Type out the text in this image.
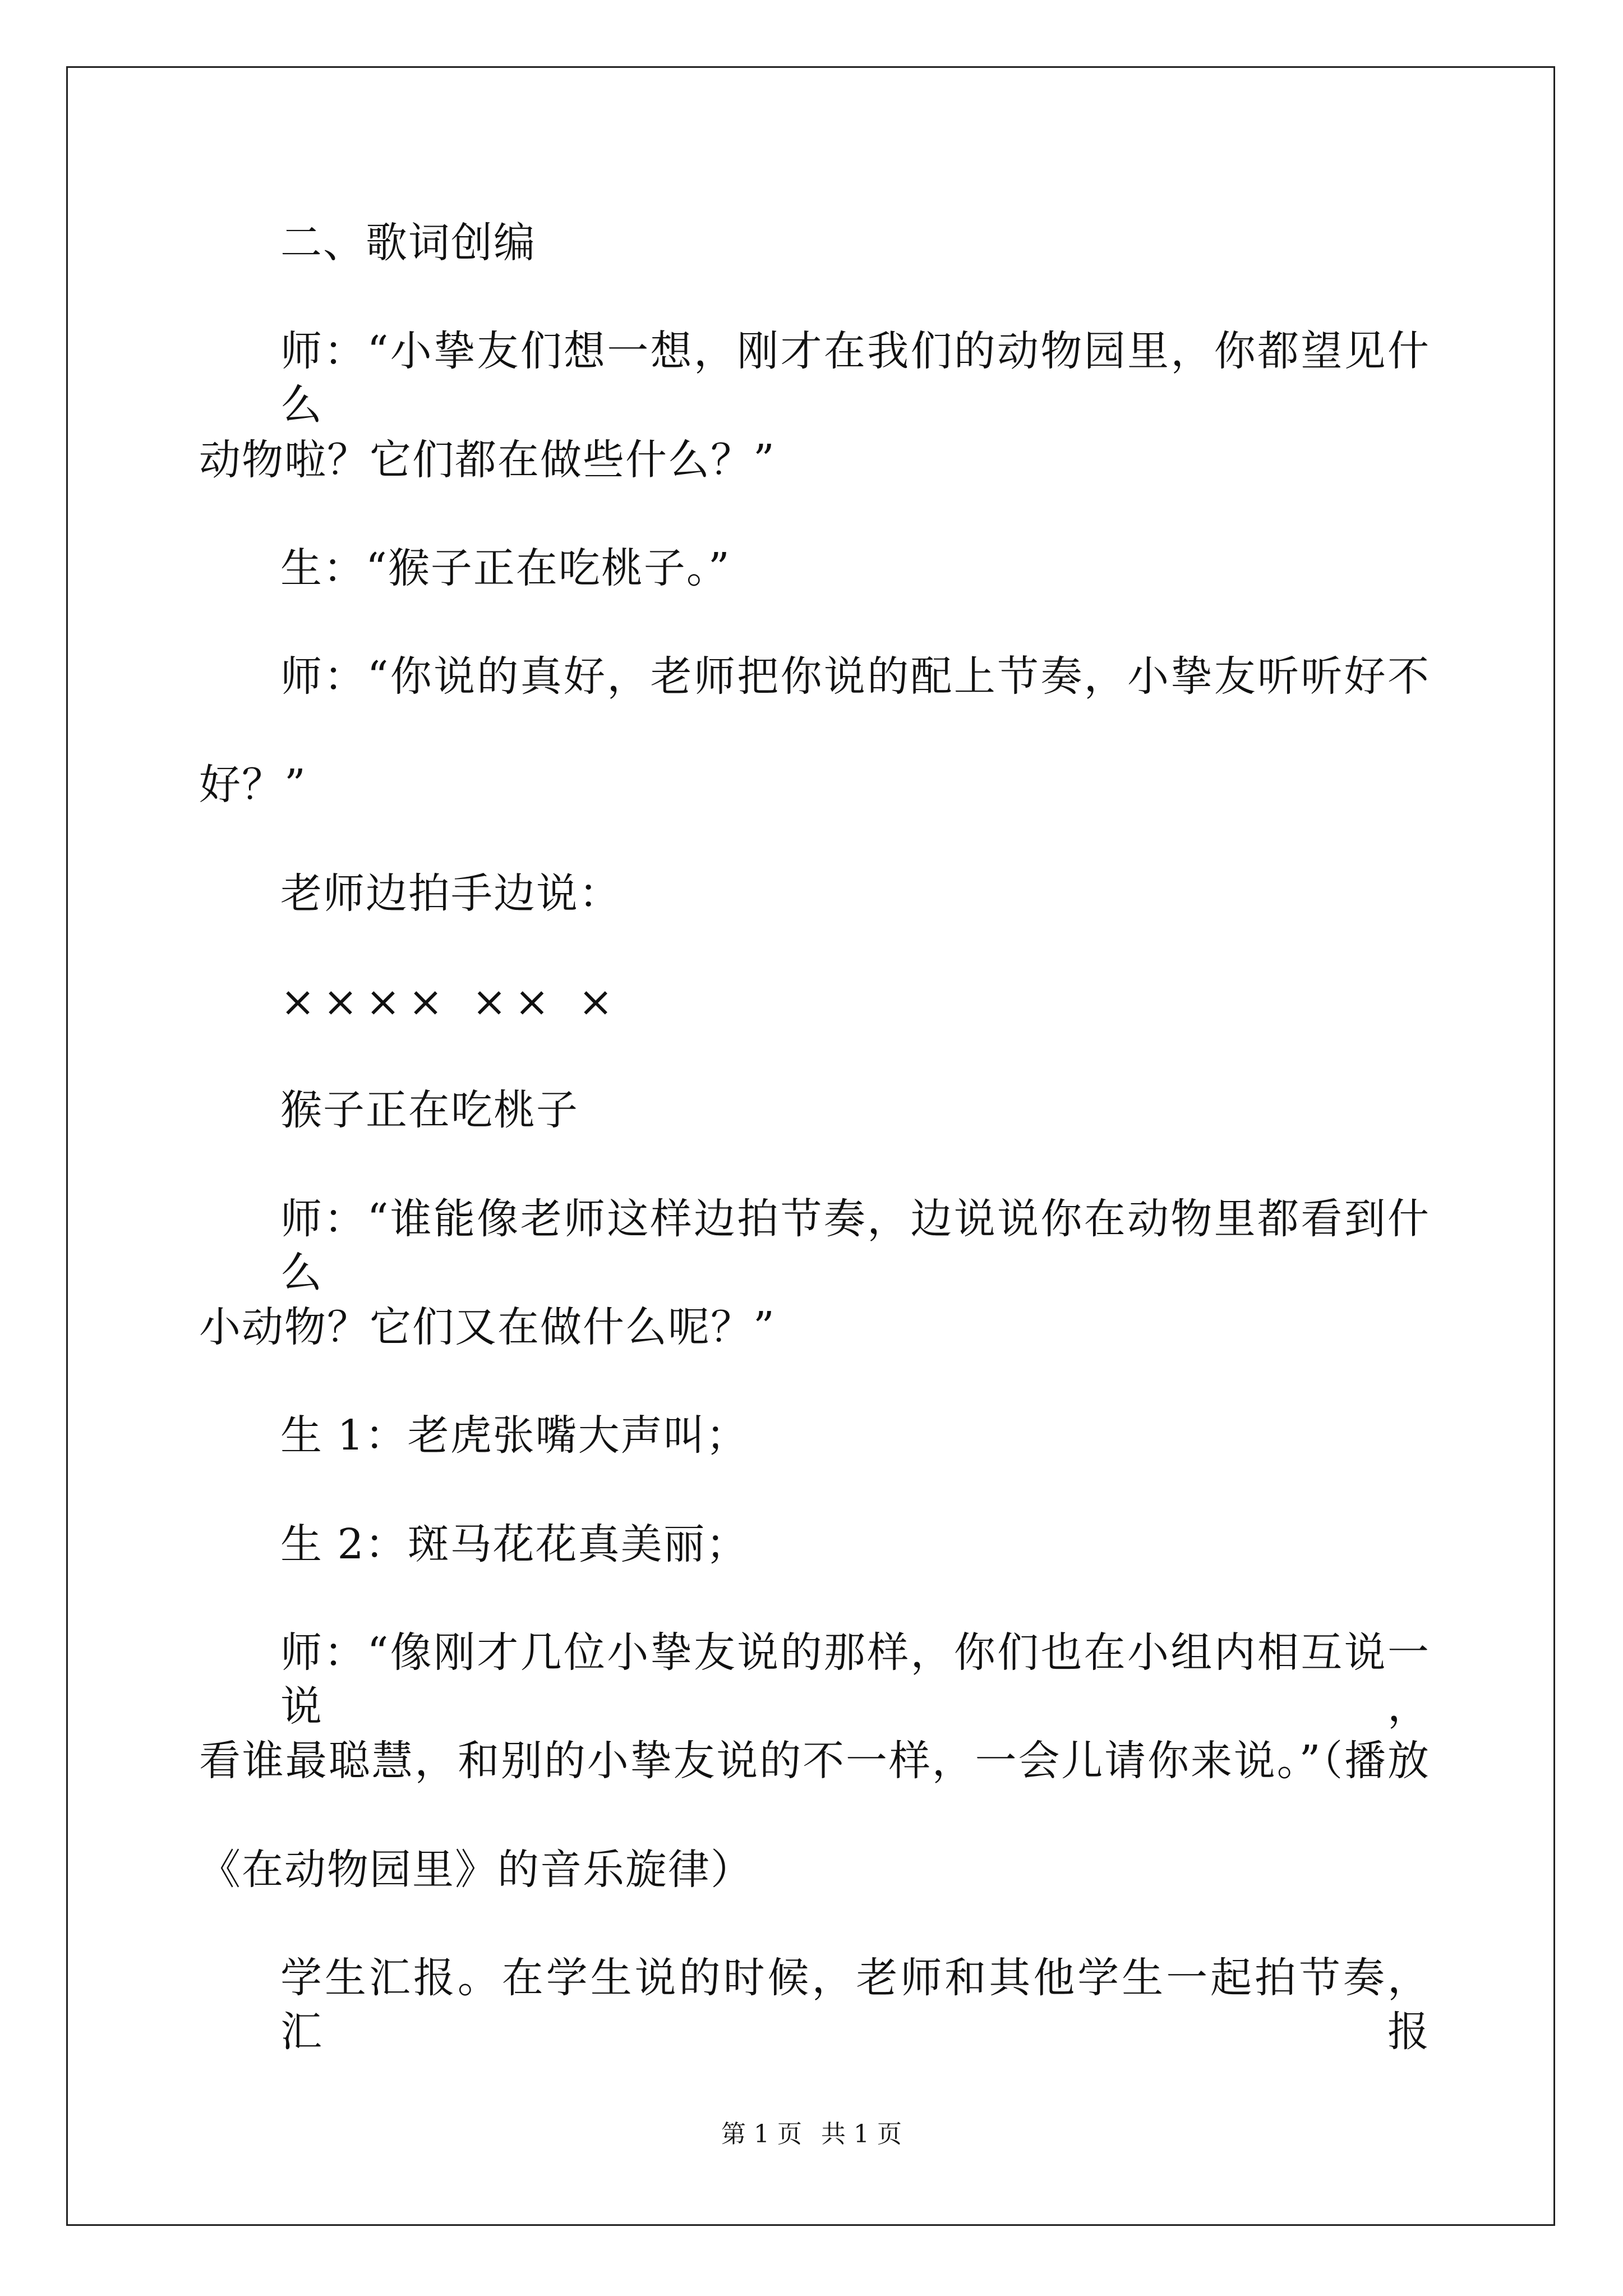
二、歌词创编
师：“小挚友们想一想，刚才在我们的动物园里，你都望见什么
动物啦？它们都在做些什么？”
生：“猴子正在吃桃子。”
师：“你说的真好，老师把你说的配上节奏，小挚友听听好不
好？”
老师边拍手边说：
×××× ×× ×
猴子正在吃桃子
师：“谁能像老师这样边拍节奏，边说说你在动物里都看到什么
小动物？它们又在做什么呢？”
生 1：老虎张嘴大声叫；
生 2：斑马花花真美丽；
师：“像刚才几位小挚友说的那样，你们也在小组内相互说一说，
看谁最聪慧，和别的小挚友说的不一样，一会儿请你来说。”（播放
《在动物园里》的音乐旋律）
学生汇报。在学生说的时候，老师和其他学生一起拍节奏，汇报
第 1 页 共 1 页
